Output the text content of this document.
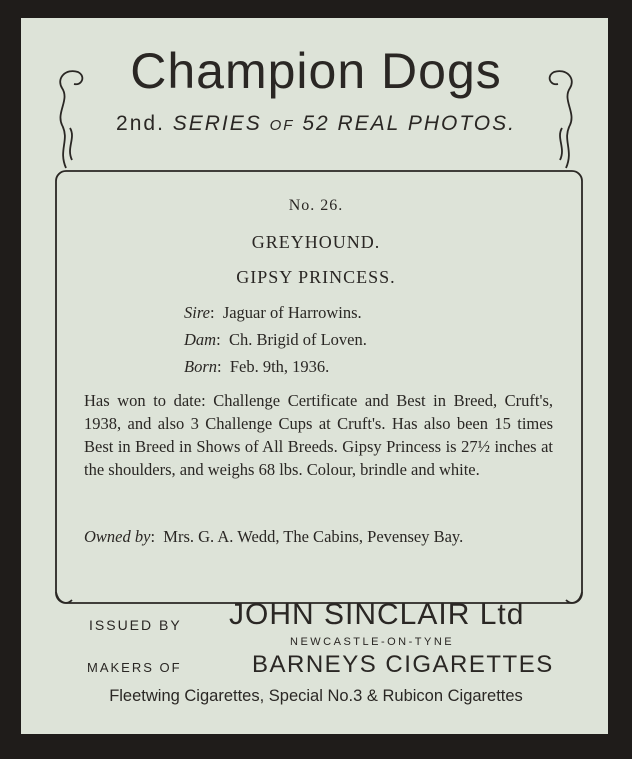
Champion Dogs
2nd. SERIES OF 52 REAL PHOTOS.
No. 26.
GREYHOUND.
GIPSY PRINCESS.
Sire:  Jaguar of Harrowins.
Dam:  Ch. Brigid of Loven.
Born:  Feb. 9th, 1936.
Has won to date: Challenge Certificate and Best in Breed, Cruft's, 1938, and also 3 Challenge Cups at Cruft's. Has also been 15 times Best in Breed in Shows of All Breeds. Gipsy Princess is 27½ inches at the shoulders, and weighs 68 lbs. Colour, brindle and white.
Owned by:  Mrs. G. A. Wedd, The Cabins, Pevensey Bay.
ISSUED BY JOHN SINCLAIR Ltd
NEWCASTLE-ON-TYNE
MAKERS OF	BARNEYS CIGARETTES
Fleetwing Cigarettes, Special No.3 & Rubicon Cigarettes
